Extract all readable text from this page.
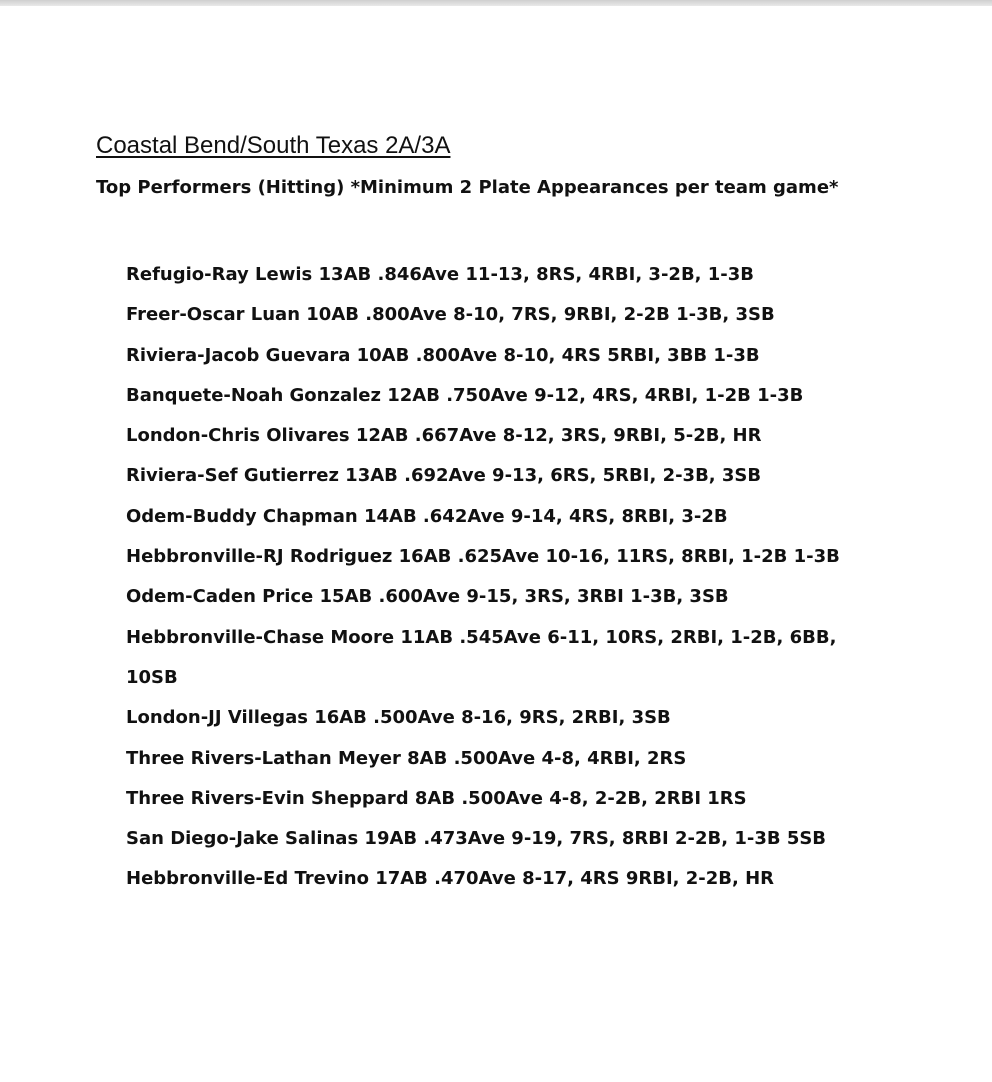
Coastal Bend/South Texas 2A/3A

Top Performers (Hitting) *Minimum 2 Plate Appearances per team game*

Refugio-Ray Lewis 13AB .846Ave 11-13, 8RS, 4RBI, 3-2B, 1-3B
Freer-Oscar Luan 10AB .800Ave 8-10, 7RS, 9RBI, 2-2B 1-3B, 3SB
Riviera-Jacob Guevara 10AB .800Ave 8-10, 4RS 5RBI, 3BB 1-3B
Banquete-Noah Gonzalez 12AB .750Ave 9-12, 4RS, 4RBI, 1-2B 1-3B
London-Chris Olivares 12AB .667Ave 8-12, 3RS, 9RBI, 5-2B, HR
Riviera-Sef Gutierrez 13AB .692Ave 9-13, 6RS, 5RBI, 2-3B, 3SB
Odem-Buddy Chapman 14AB .642Ave 9-14, 4RS, 8RBI, 3-2B
Hebbronville-RJ Rodriguez 16AB .625Ave 10-16, 11RS, 8RBI, 1-2B 1-3B
Odem-Caden Price 15AB .600Ave 9-15, 3RS, 3RBI 1-3B, 3SB
Hebbronville-Chase Moore 11AB .545Ave 6-11, 10RS, 2RBI, 1-2B, 6BB,
10SB
London-JJ Villegas 16AB .500Ave 8-16, 9RS, 2RBI, 3SB
Three Rivers-Lathan Meyer 8AB .500Ave 4-8, 4RBI, 2RS
Three Rivers-Evin Sheppard 8AB .500Ave 4-8, 2-2B, 2RBI 1RS
San Diego-Jake Salinas 19AB .473Ave 9-19, 7RS, 8RBI 2-2B, 1-3B 5SB
Hebbronville-Ed Trevino 17AB .470Ave 8-17, 4RS 9RBI, 2-2B, HR
